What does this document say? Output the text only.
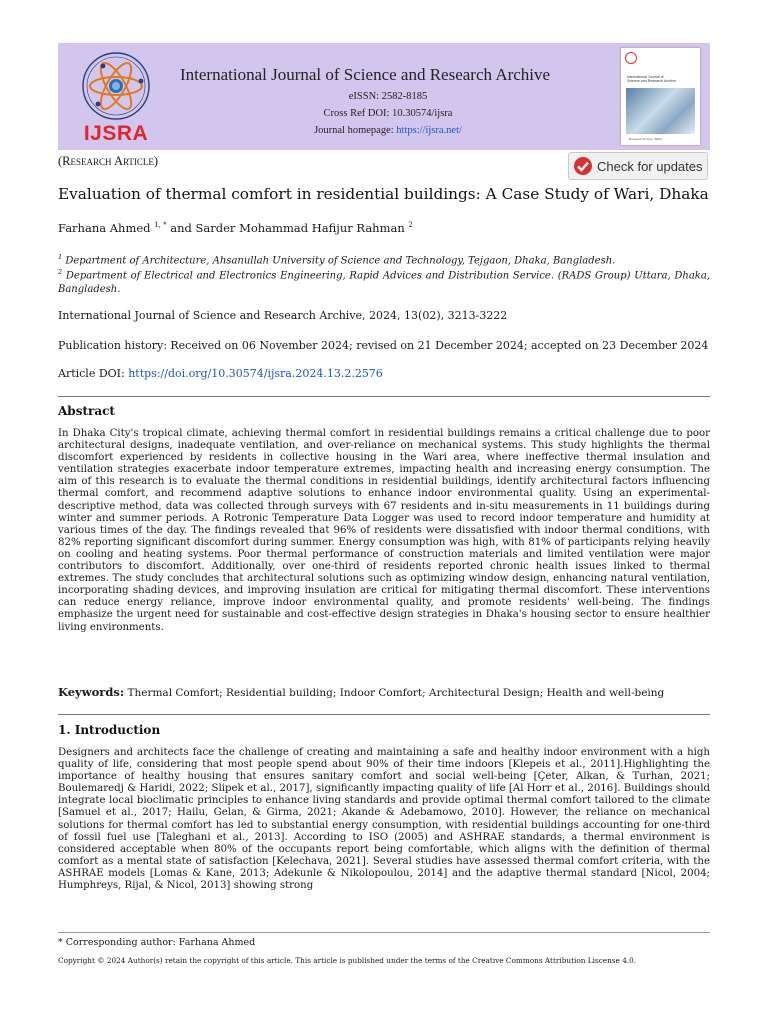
IJSRA
International Journal of Science and Research Archive
eISSN: 2582-8185
Cross Ref DOI: 10.30574/ijsra
Journal homepage: https://ijsra.net/
International Journal of
Science and Research Archive
Research Archive, INDIA
(Research Article)	Check for updates
Evaluation of thermal comfort in residential buildings: A Case Study of Wari, Dhaka
Farhana Ahmed $^{1, *}$ and Sarder Mohammad Hafijur Rahman $^2$
$^1$ Department of Architecture, Ahsanullah University of Science and Technology, Tejgaon, Dhaka, Bangladesh.
$^2$ Department of Electrical and Electronics Engineering, Rapid Advices and Distribution Service. (RADS Group) Uttara, Dhaka, Bangladesh.
International Journal of Science and Research Archive, 2024, 13(02), 3213-3222
Publication history: Received on 06 November 2024; revised on 21 December 2024; accepted on 23 December 2024
Article DOI: https://doi.org/10.30574/ijsra.2024.13.2.2576
Abstract
In Dhaka City's tropical climate, achieving thermal comfort in residential buildings remains a critical challenge due to poor architectural designs, inadequate ventilation, and over-reliance on mechanical systems. This study highlights the thermal discomfort experienced by residents in collective housing in the Wari area, where ineffective thermal insulation and ventilation strategies exacerbate indoor temperature extremes, impacting health and increasing energy consumption. The aim of this research is to evaluate the thermal conditions in residential buildings, identify architectural factors influencing thermal comfort, and recommend adaptive solutions to enhance indoor environmental quality. Using an experimental-descriptive method, data was collected through surveys with 67 residents and in-situ measurements in 11 buildings during winter and summer periods. A Rotronic Temperature Data Logger was used to record indoor temperature and humidity at various times of the day. The findings revealed that 96% of residents were dissatisfied with indoor thermal conditions, with 82% reporting significant discomfort during summer. Energy consumption was high, with 81% of participants relying heavily on cooling and heating systems. Poor thermal performance of construction materials and limited ventilation were major contributors to discomfort. Additionally, over one-third of residents reported chronic health issues linked to thermal extremes. The study concludes that architectural solutions such as optimizing window design, enhancing natural ventilation, incorporating shading devices, and improving insulation are critical for mitigating thermal discomfort. These interventions can reduce energy reliance, improve indoor environmental quality, and promote residents' well-being. The findings emphasize the urgent need for sustainable and cost-effective design strategies in Dhaka's housing sector to ensure healthier living environments.
Keywords: Thermal Comfort; Residential building; Indoor Comfort; Architectural Design; Health and well-being
1. Introduction
Designers and architects face the challenge of creating and maintaining a safe and healthy indoor environment with a high quality of life, considering that most people spend about 90% of their time indoors [Klepeis et al., 2011].Highlighting the importance of healthy housing that ensures sanitary comfort and social well-being [Çeter, Alkan, & Turhan, 2021; Boulemaredj & Haridi, 2022; Slipek et al., 2017], significantly impacting quality of life [Al Horr et al., 2016]. Buildings should integrate local bioclimatic principles to enhance living standards and provide optimal thermal comfort tailored to the climate [Samuel et al., 2017; Hailu, Gelan, & Girma, 2021; Akande & Adebamowo, 2010]. However, the reliance on mechanical solutions for thermal comfort has led to substantial energy consumption, with residential buildings accounting for one-third of fossil fuel use [Taleghani et al., 2013]. According to ISO (2005) and ASHRAE standards, a thermal environment is considered acceptable when 80% of the occupants report being comfortable, which aligns with the definition of thermal comfort as a mental state of satisfaction [Kelechava, 2021]. Several studies have assessed thermal comfort criteria, with the ASHRAE models [Lomas & Kane, 2013; Adekunle & Nikolopoulou, 2014] and the adaptive thermal standard [Nicol, 2004; Humphreys, Rijal, & Nicol, 2013] showing strong
* Corresponding author: Farhana Ahmed
Copyright © 2024 Author(s) retain the copyright of this article. This article is published under the terms of the Creative Commons Attribution Liscense 4.0.
